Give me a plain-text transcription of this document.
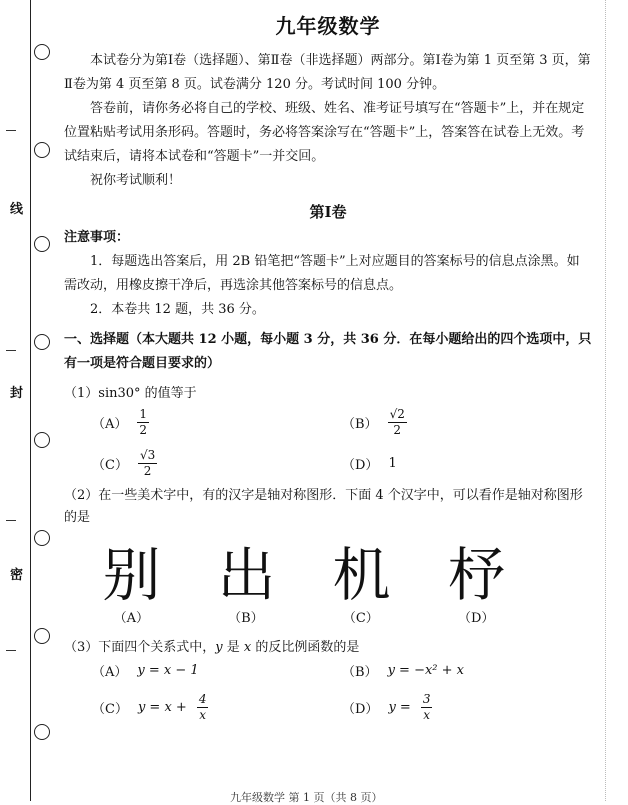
线
封
密
九年级数学

本试卷分为第Ⅰ卷（选择题）、第Ⅱ卷（非选择题）两部分。第Ⅰ卷为第 1 页至第 3 页，第Ⅱ卷为第 4 页至第 8 页。试卷满分 120 分。考试时间 100 分钟。

答卷前，请你务必将自己的学校、班级、姓名、准考证号填写在“答题卡”上，并在规定位置粘贴考试用条形码。答题时，务必将答案涂写在“答题卡”上，答案答在试卷上无效。考试结束后，请将本试卷和“答题卡”一并交回。

祝你考试顺利！

第Ⅰ卷

注意事项：

1．每题选出答案后，用 2B 铅笔把“答题卡”上对应题目的答案标号的信息点涂黑。如需改动，用橡皮擦干净后，再选涂其他答案标号的信息点。

2．本卷共 12 题，共 36 分。

一、选择题（本大题共 12 小题，每小题 3 分，共 36 分．在每小题给出的四个选项中，只有一项是符合题目要求的）

（1）sin30° 的值等于
$(A) \frac{1}{2}$	$(B) \frac{√2}{2}$
$(C) \frac{√3}{2}$	（D） 1
（2）在一些美术字中，有的汉字是轴对称图形．下面 4 个汉字中，可以看作是轴对称图形的是
别 出 机 杼
（A）	（B）	（C）	（D）
（3）下面四个关系式中，y 是 x 的反比例函数的是
（A） y = x − 1	（B） y = −x² + x
（C） $y = x + \frac{4}{x}$	（D） $y = \frac{3}{x}$
九年级数学 第 1 页（共 8 页）
